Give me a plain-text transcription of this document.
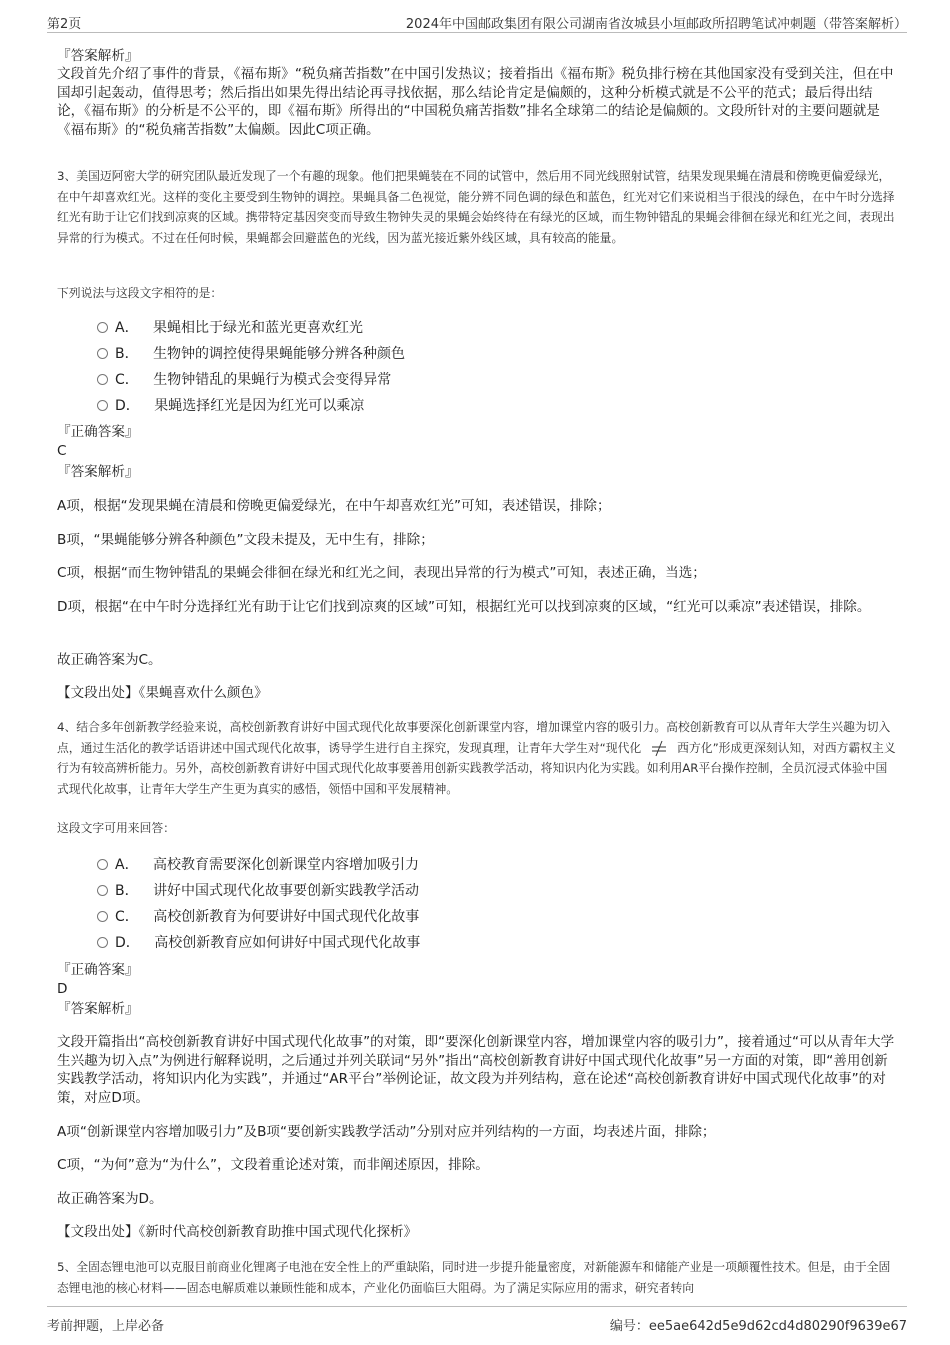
第2页	2024年中国邮政集团有限公司湖南省汝城县小垣邮政所招聘笔试冲刺题（带答案解析）
『答案解析』
文段首先介绍了事件的背景，《福布斯》“税负痛苦指数”在中国引发热议；接着指出《福布斯》税负排行榜在其他国家没有受到关注，但在中国却引起轰动，值得思考；然后指出如果先得出结论再寻找依据，那么结论肯定是偏颇的，这种分析模式就是不公平的范式；最后得出结论，《福布斯》的分析是不公平的，即《福布斯》所得出的“中国税负痛苦指数”排名全球第二的结论是偏颇的。文段所针对的主要问题就是《福布斯》的“税负痛苦指数”太偏颇。因此C项正确。
3、美国迈阿密大学的研究团队最近发现了一个有趣的现象。他们把果蝇装在不同的试管中，然后用不同光线照射试管，结果发现果蝇在清晨和傍晚更偏爱绿光，在中午却喜欢红光。这样的变化主要受到生物钟的调控。果蝇具备二色视觉，能分辨不同色调的绿色和蓝色，红光对它们来说相当于很浅的绿色，在中午时分选择红光有助于让它们找到凉爽的区域。携带特定基因突变而导致生物钟失灵的果蝇会始终待在有绿光的区域，而生物钟错乱的果蝇会徘徊在绿光和红光之间，表现出异常的行为模式。不过在任何时候，果蝇都会回避蓝色的光线，因为蓝光接近紫外线区域，具有较高的能量。
下列说法与这段文字相符的是：
A． 果蝇相比于绿光和蓝光更喜欢红光
B． 生物钟的调控使得果蝇能够分辨各种颜色
C． 生物钟错乱的果蝇行为模式会变得异常
D． 果蝇选择红光是因为红光可以乘凉
『正确答案』
C
『答案解析』
A项，根据“发现果蝇在清晨和傍晚更偏爱绿光，在中午却喜欢红光”可知，表述错误，排除；
B项，“果蝇能够分辨各种颜色”文段未提及，无中生有，排除；
C项，根据“而生物钟错乱的果蝇会徘徊在绿光和红光之间，表现出异常的行为模式”可知，表述正确，当选；
D项，根据“在中午时分选择红光有助于让它们找到凉爽的区域”可知，根据红光可以找到凉爽的区域，“红光可以乘凉”表述错误，排除。
故正确答案为C。
【文段出处】《果蝇喜欢什么颜色》
4、结合多年创新教学经验来说，高校创新教育讲好中国式现代化故事要深化创新课堂内容，增加课堂内容的吸引力。高校创新教育可以从青年大学生兴趣为切入点，通过生活化的教学话语讲述中国式现代化故事，诱导学生进行自主探究，发现真理，让青年大学生对“现代化	西方化”形成更深刻认知，对西方霸权主义行为有较高辨析能力。另外，高校创新教育讲好中国式现代化故事要善用创新实践教学活动，将知识内化为实践。如利用AR平台操作控制，全员沉浸式体验中国式现代化故事，让青年大学生产生更为真实的感悟，领悟中国和平发展精神。
这段文字可用来回答：
A． 高校教育需要深化创新课堂内容增加吸引力
B． 讲好中国式现代化故事要创新实践教学活动
C． 高校创新教育为何要讲好中国式现代化故事
D． 高校创新教育应如何讲好中国式现代化故事
『正确答案』
D
『答案解析』
文段开篇指出“高校创新教育讲好中国式现代化故事”的对策，即“要深化创新课堂内容，增加课堂内容的吸引力”，接着通过“可以从青年大学生兴趣为切入点”为例进行解释说明，之后通过并列关联词“另外”指出“高校创新教育讲好中国式现代化故事”另一方面的对策，即“善用创新实践教学活动，将知识内化为实践”，并通过“AR平台”举例论证，故文段为并列结构，意在论述“高校创新教育讲好中国式现代化故事”的对策，对应D项。
A项“创新课堂内容增加吸引力”及B项“要创新实践教学活动”分别对应并列结构的一方面，均表述片面，排除；
C项，“为何”意为“为什么”，文段着重论述对策，而非阐述原因，排除。
故正确答案为D。
【文段出处】《新时代高校创新教育助推中国式现代化探析》
5、全固态锂电池可以克服目前商业化锂离子电池在安全性上的严重缺陷，同时进一步提升能量密度，对新能源车和储能产业是一项颠覆性技术。但是，由于全固态锂电池的核心材料——固态电解质难以兼顾性能和成本，产业化仍面临巨大阻碍。为了满足实际应用的需求，研究者转向
考前押题，上岸必备	编号：ee5ae642d5e9d62cd4d80290f9639e67
